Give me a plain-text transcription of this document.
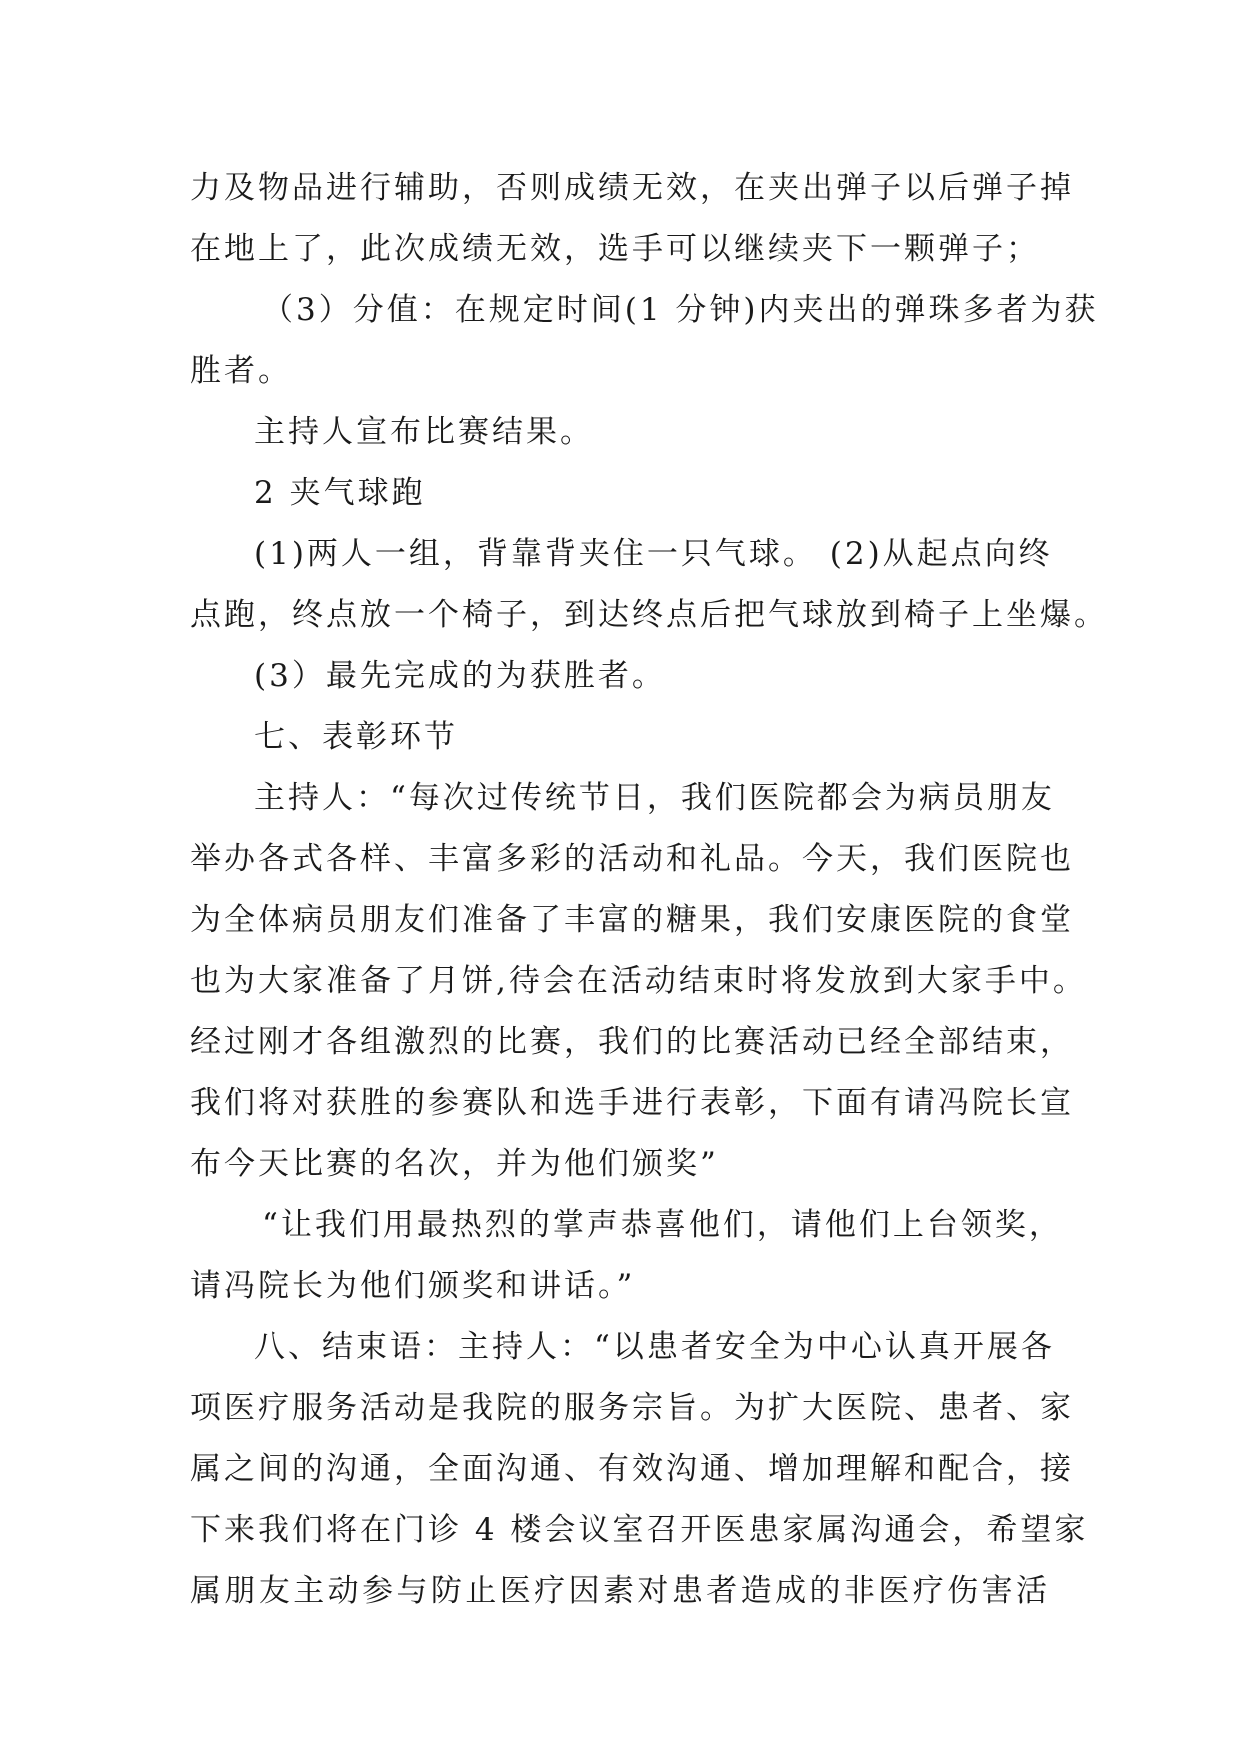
力及物品进行辅助，否则成绩无效，在夹出弹子以后弹子掉
在地上了，此次成绩无效，选手可以继续夹下一颗弹子；
（3）分值：在规定时间(1 分钟)内夹出的弹珠多者为获
胜者。
主持人宣布比赛结果。
2 夹气球跑
(1)两人一组，背靠背夹住一只气球。 (2)从起点向终
点跑，终点放一个椅子，到达终点后把气球放到椅子上坐爆。
(3）最先完成的为获胜者。
七、表彰环节
主持人：“每次过传统节日，我们医院都会为病员朋友
举办各式各样、丰富多彩的活动和礼品。今天，我们医院也
为全体病员朋友们准备了丰富的糖果，我们安康医院的食堂
也为大家准备了月饼,待会在活动结束时将发放到大家手中。
经过刚才各组激烈的比赛，我们的比赛活动已经全部结束，
我们将对获胜的参赛队和选手进行表彰，下面有请冯院长宣
布今天比赛的名次，并为他们颁奖”
“让我们用最热烈的掌声恭喜他们，请他们上台领奖，
请冯院长为他们颁奖和讲话。”
八、结束语：主持人：“以患者安全为中心认真开展各
项医疗服务活动是我院的服务宗旨。为扩大医院、患者、家
属之间的沟通，全面沟通、有效沟通、增加理解和配合，接
下来我们将在门诊 4 楼会议室召开医患家属沟通会，希望家
属朋友主动参与防止医疗因素对患者造成的非医疗伤害活
